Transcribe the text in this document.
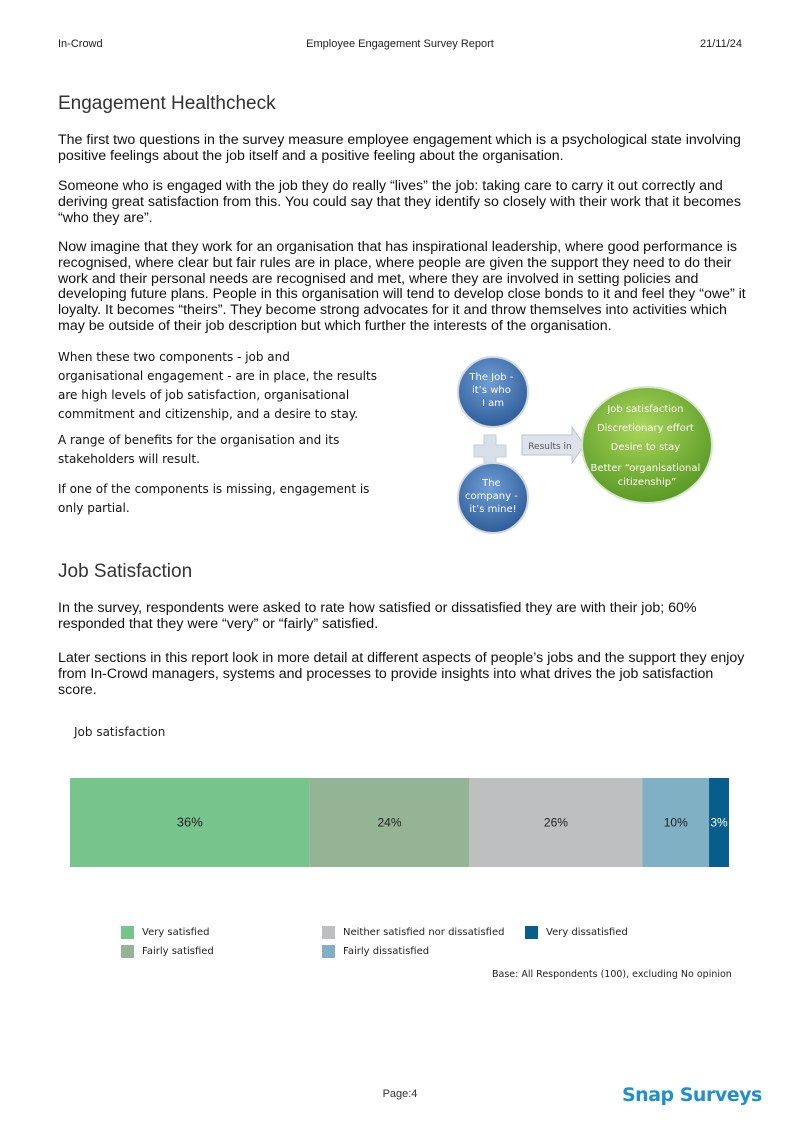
In-Crowd	Employee Engagement Survey Report	21/11/24
Engagement Healthcheck

The first two questions in the survey measure employee engagement which is a psychological state involving positive feelings about the job itself and a positive feeling about the organisation.

Someone who is engaged with the job they do really “lives” the job: taking care to carry it out correctly and deriving great satisfaction from this. You could say that they identify so closely with their work that it becomes “who they are”.

Now imagine that they work for an organisation that has inspirational leadership, where good performance is recognised, where clear but fair rules are in place, where people are given the support they need to do their work and their personal needs are recognised and met, where they are involved in setting policies and developing future plans. People in this organisation will tend to develop close bonds to it and feel they “owe” it loyalty. It becomes “theirs”. They become strong advocates for it and throw themselves into activities which may be outside of their job description but which further the interests of the organisation.

When these two components - job and organisational engagement - are in place, the results are high levels of job satisfaction, organisational commitment and citizenship, and a desire to stay.

A range of benefits for the organisation and its stakeholders will result.

If one of the components is missing, engagement is only partial.

The Job - it’s who I am
The company - it’s mine!
Results in
Job satisfaction Discretionary effort Desire to stay Better “organisational citizenship”
Job Satisfaction

In the survey, respondents were asked to rate how satisfied or dissatisfied they are with their job; 60% responded that they were “very” or “fairly” satisfied.

Later sections in this report look in more detail at different aspects of people’s jobs and the support they enjoy from In-Crowd managers, systems and processes to provide insights into what drives the job satisfaction score.

Job satisfaction
36%	24%	26%	10% 3%
Very satisfied
Fairly satisfied
Neither satisfied nor dissatisfied
Fairly dissatisfied
Very dissatisfied
Base: All Respondents (100), excluding No opinion
Page:4	Snap Surveys
